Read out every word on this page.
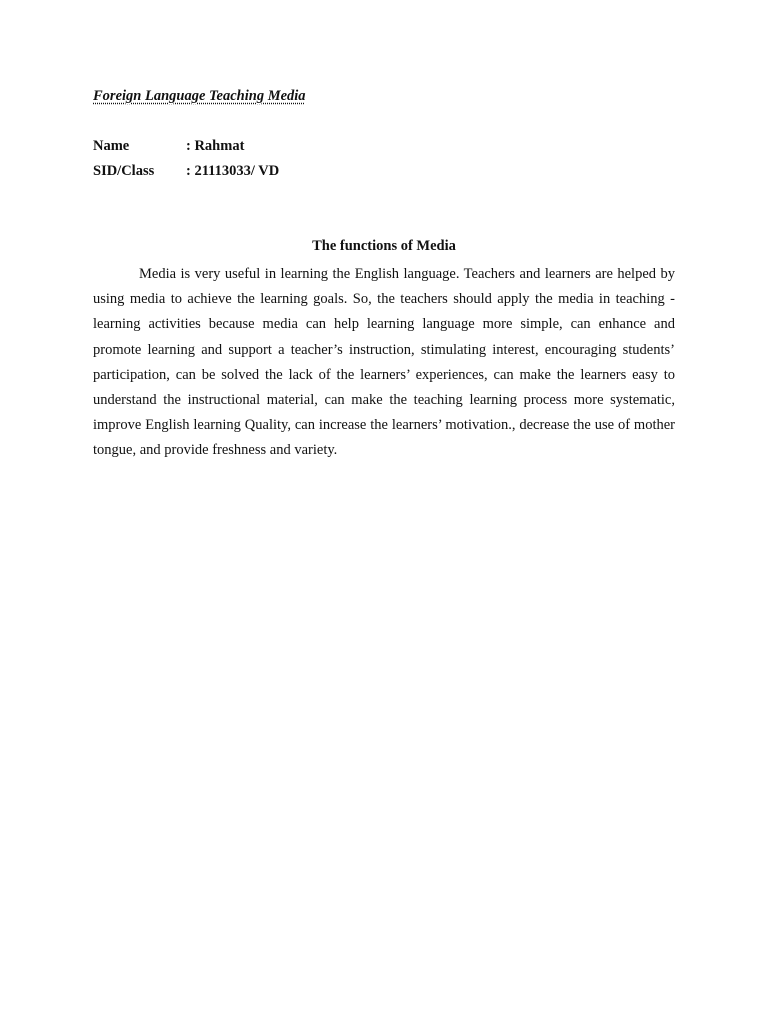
Foreign Language Teaching Media
Name	: Rahmat
SID/Class : 21113033/ VD
The functions of Media

Media is very useful in learning the English language. Teachers and learners are helped by using media to achieve the learning goals. So, the teachers should apply the media in teaching - learning activities because media can help learning language more simple, can enhance and promote learning and support a teacher’s instruction, stimulating interest, encouraging students’ participation, can be solved the lack of the learners’ experiences, can make the learners easy to understand the instructional material, can make the teaching learning process more systematic, improve English learning Quality, can increase the learners’ motivation., decrease the use of mother tongue, and provide freshness and variety.
